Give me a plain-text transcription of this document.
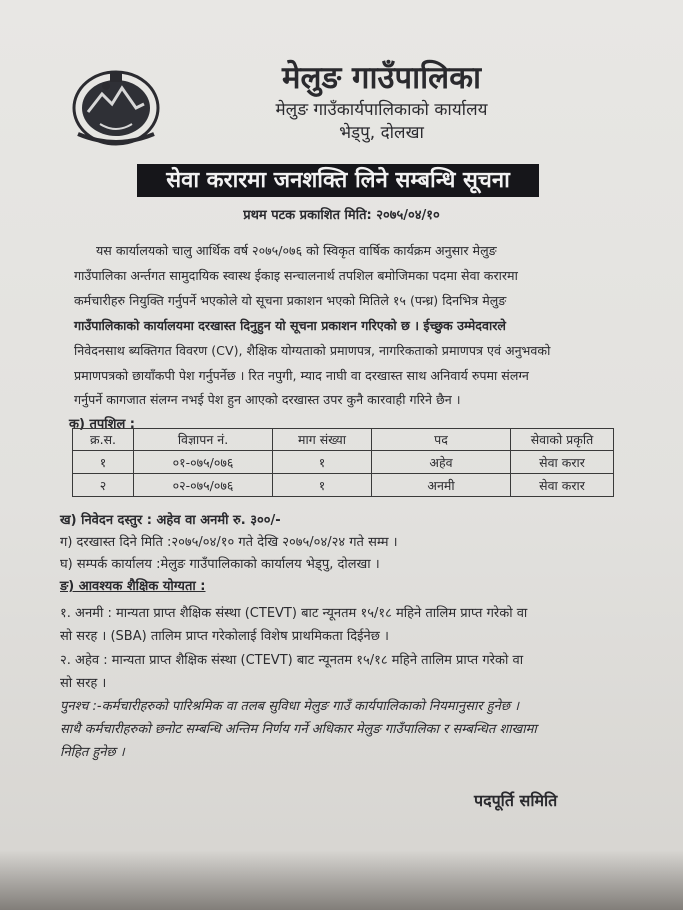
मेलुङ गाउँपालिका
मेलुङ गाउँकार्यपालिकाको कार्यालय
भेड्पु, दोलखा
सेवा करारमा जनशक्ति लिने सम्बन्धि सूचना
प्रथम पटक प्रकाशित मिति: २०७५/०४/१०
यस कार्यालयको चालु आर्थिक वर्ष २०७५/०७६ को स्विकृत वार्षिक कार्यक्रम अनुसार मेलुङ
गाउँपालिका अर्न्तगत सामुदायिक स्वास्थ ईकाइ सन्चालनार्थ तपशिल बमोजिमका पदमा सेवा करारमा
कर्मचारीहरु नियुक्ति गर्नुपर्ने भएकोले यो सूचना प्रकाशन भएको मितिले १५ (पन्ध्र) दिनभित्र मेलुङ
गाउँपालिकाको कार्यालयमा दरखास्त दिनुहुन यो सूचना प्रकाशन गरिएको छ । ईच्छुक उम्मेदवारले
निवेदनसाथ ब्यक्तिगत विवरण (CV), शैक्षिक योग्यताको प्रमाणपत्र, नागरिकताको प्रमाणपत्र एवं अनुभवको
प्रमाणपत्रको छायाँकपी पेश गर्नुपर्नेछ । रित नपुगी, म्याद नाघी वा दरखास्त साथ अनिवार्य रुपमा संलग्न
गर्नुपर्ने कागजात संलग्न नभई पेश हुन आएको दरखास्त उपर कुनै कारवाही गरिने छैन ।
क) तपशिल :
क्र.स.	विज्ञापन नं.	माग संख्या	पद	सेवाको प्रकृति
१	०१-०७५/०७६	१	अहेव	सेवा करार
२	०२-०७५/०७६	१	अनमी	सेवा करार
ख) निवेदन दस्तुर : अहेव वा अनमी रु. ३००/-
ग) दरखास्त दिने मिति :२०७५/०४/१० गते देखि २०७५/०४/२४ गते सम्म ।
घ) सम्पर्क कार्यालय :मेलुङ गाउँपालिकाको कार्यालय भेड्पु, दोलखा ।
ङ) आवश्यक शैक्षिक योग्यता :
१. अनमी : मान्यता प्राप्त शैक्षिक संस्था (CTEVT) बाट न्यूनतम १५/१८ महिने तालिम प्राप्त गरेको वा
सो सरह । (SBA) तालिम प्राप्त गरेकोलाई विशेष प्राथमिकता दिईनेछ ।
२. अहेव : मान्यता प्राप्त शैक्षिक संस्था (CTEVT) बाट न्यूनतम १५/१८ महिने तालिम प्राप्त गरेको वा
सो सरह ।
पुनश्च :-कर्मचारीहरुको पारिश्रमिक वा तलब सुविधा मेलुङ गाउँ कार्यपालिकाको नियमानुसार हुनेछ ।
साथै कर्मचारीहरुको छनोट सम्बन्धि अन्तिम निर्णय गर्ने अधिकार मेलुङ गाउँपालिका र सम्बन्धित शाखामा
निहित हुनेछ ।
पदपूर्ति समिति
